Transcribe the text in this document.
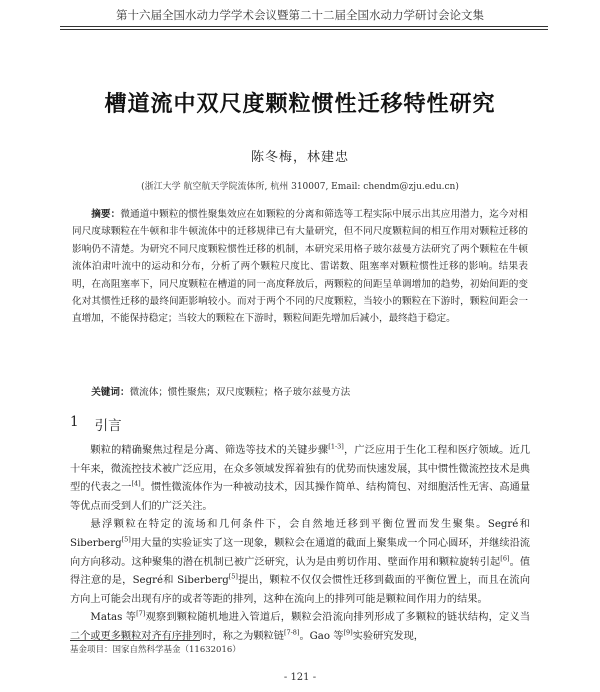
第十六届全国水动力学学术会议暨第二十二届全国水动力学研讨会论文集
槽道流中双尺度颗粒惯性迁移特性研究
陈冬梅，林建忠
(浙江大学 航空航天学院流体所, 杭州 310007, Email: chendm@zju.edu.cn)
摘要：微通道中颗粒的惯性聚集效应在如颗粒的分离和筛选等工程实际中展示出其应用潜力，迄今对相同尺度球颗粒在牛顿和非牛顿流体中的迁移规律已有大量研究，但不同尺度颗粒间的相互作用对颗粒迁移的影响仍不清楚。为研究不同尺度颗粒惯性迁移的机制，本研究采用格子玻尔兹曼方法研究了两个颗粒在牛顿流体泊肃叶流中的运动和分布，分析了两个颗粒尺度比、雷诺数、阻塞率对颗粒惯性迁移的影响。结果表明，在高阻塞率下，同尺度颗粒在槽道的同一高度释放后，两颗粒的间距呈单调增加的趋势，初始间距的变化对其惯性迁移的最终间距影响较小。而对于两个不同的尺度颗粒，当较小的颗粒在下游时，颗粒间距会一直增加，不能保持稳定；当较大的颗粒在下游时，颗粒间距先增加后减小，最终趋于稳定。
关键词：微流体；惯性聚焦；双尺度颗粒；格子玻尔兹曼方法
1 引言

颗粒的精确聚焦过程是分离、筛选等技术的关键步骤[1-3]，广泛应用于生化工程和医疗领域。近几十年来，微流控技术被广泛应用，在众多领域发挥着独有的优势而快速发展，其中惯性微流控技术是典型的代表之一[4]。惯性微流体作为一种被动技术，因其操作简单、结构简包、对细胞活性无害、高通量等优点而受到人们的广泛关注。

悬浮颗粒在特定的流场和几何条件下，会自然地迁移到平衡位置而发生聚集。Segré和Siberberg[5]用大量的实验证实了这一现象，颗粒会在通道的截面上聚集成一个同心圆环，并继续沿流向方向移动。这种聚集的潜在机制已被广泛研究，认为是由剪切作用、壁面作用和颗粒旋转引起[6]。值得注意的是，Segré和 Siberberg[5]提出，颗粒不仅仅会惯性迁移到截面的平衡位置上，而且在流向方向上可能会出现有序的或者等距的排列，这种在流向上的排列可能是颗粒间作用力的结果。

Matas 等[7]观察到颗粒随机地进入管道后，颗粒会沿流向排列形成了多颗粒的链状结构，定义当二个或更多颗粒对齐有序排列时，称之为颗粒链[7-8]。Gao 等[9]实验研究发现，

基金项目：国家自然科学基金（11632016）
- 121 -
